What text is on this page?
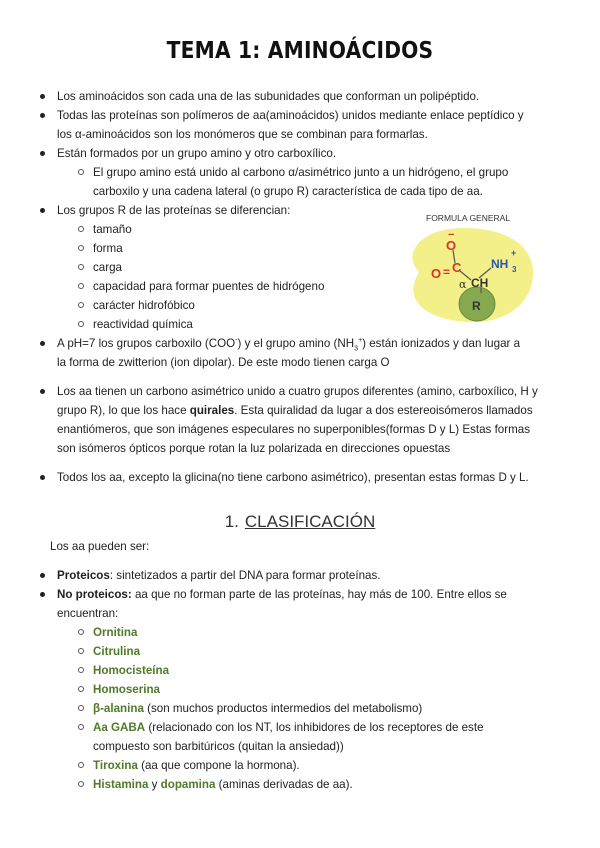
TEMA 1: AMINOÁCIDOS
Los aminoácidos son cada una de las subunidades que conforman un polipéptido.
Todas las proteínas son polímeros de aa(aminoácidos) unidos mediante enlace peptídico y
los α-aminoácidos son los monómeros que se combinan para formarlas.
Están formados por un grupo amino y otro carboxílico.
El grupo amino está unido al carbono α/asimétrico junto a un hidrógeno, el grupo
carboxilo y una cadena lateral (o grupo R) característica de cada tipo de aa.
Los grupos R de las proteínas se diferencian:
tamaño
forma
carga
capacidad para formar puentes de hidrógeno
carácter hidrofóbico
reactividad química
FORMULA GENERAL
O
−
O = C NH 3
+
α CH
R
A pH=7 los grupos carboxilo (COO-) y el grupo amino $(NH_3^+)$ están ionizados y dan lugar a
la forma de zwitterion (ion dipolar). De este modo tienen carga O
Los aa tienen un carbono asimétrico unido a cuatro grupos diferentes (amino, carboxílico, H y
grupo R), lo que los hace quirales. Esta quiralidad da lugar a dos estereoisómeros llamados
enantiómeros, que son imágenes especulares no superponibles(formas D y L) Estas formas
son isómeros ópticos porque rotan la luz polarizada en direcciones opuestas
Todos los aa, excepto la glicina(no tiene carbono asimétrico), presentan estas formas D y L.
1. CLASIFICACIÓN
Los aa pueden ser:
Proteicos: sintetizados a partir del DNA para formar proteínas.
No proteicos: aa que no forman parte de las proteínas, hay más de 100. Entre ellos se
encuentran:
Ornitina
Citrulina
Homocisteína
Homoserina
β-alanina (son muchos productos intermedios del metabolismo)
Aa GABA (relacionado con los NT, los inhibidores de los receptores de este
compuesto son barbitúricos (quitan la ansiedad))
Tiroxina (aa que compone la hormona).
Histamina y dopamina (aminas derivadas de aa).
